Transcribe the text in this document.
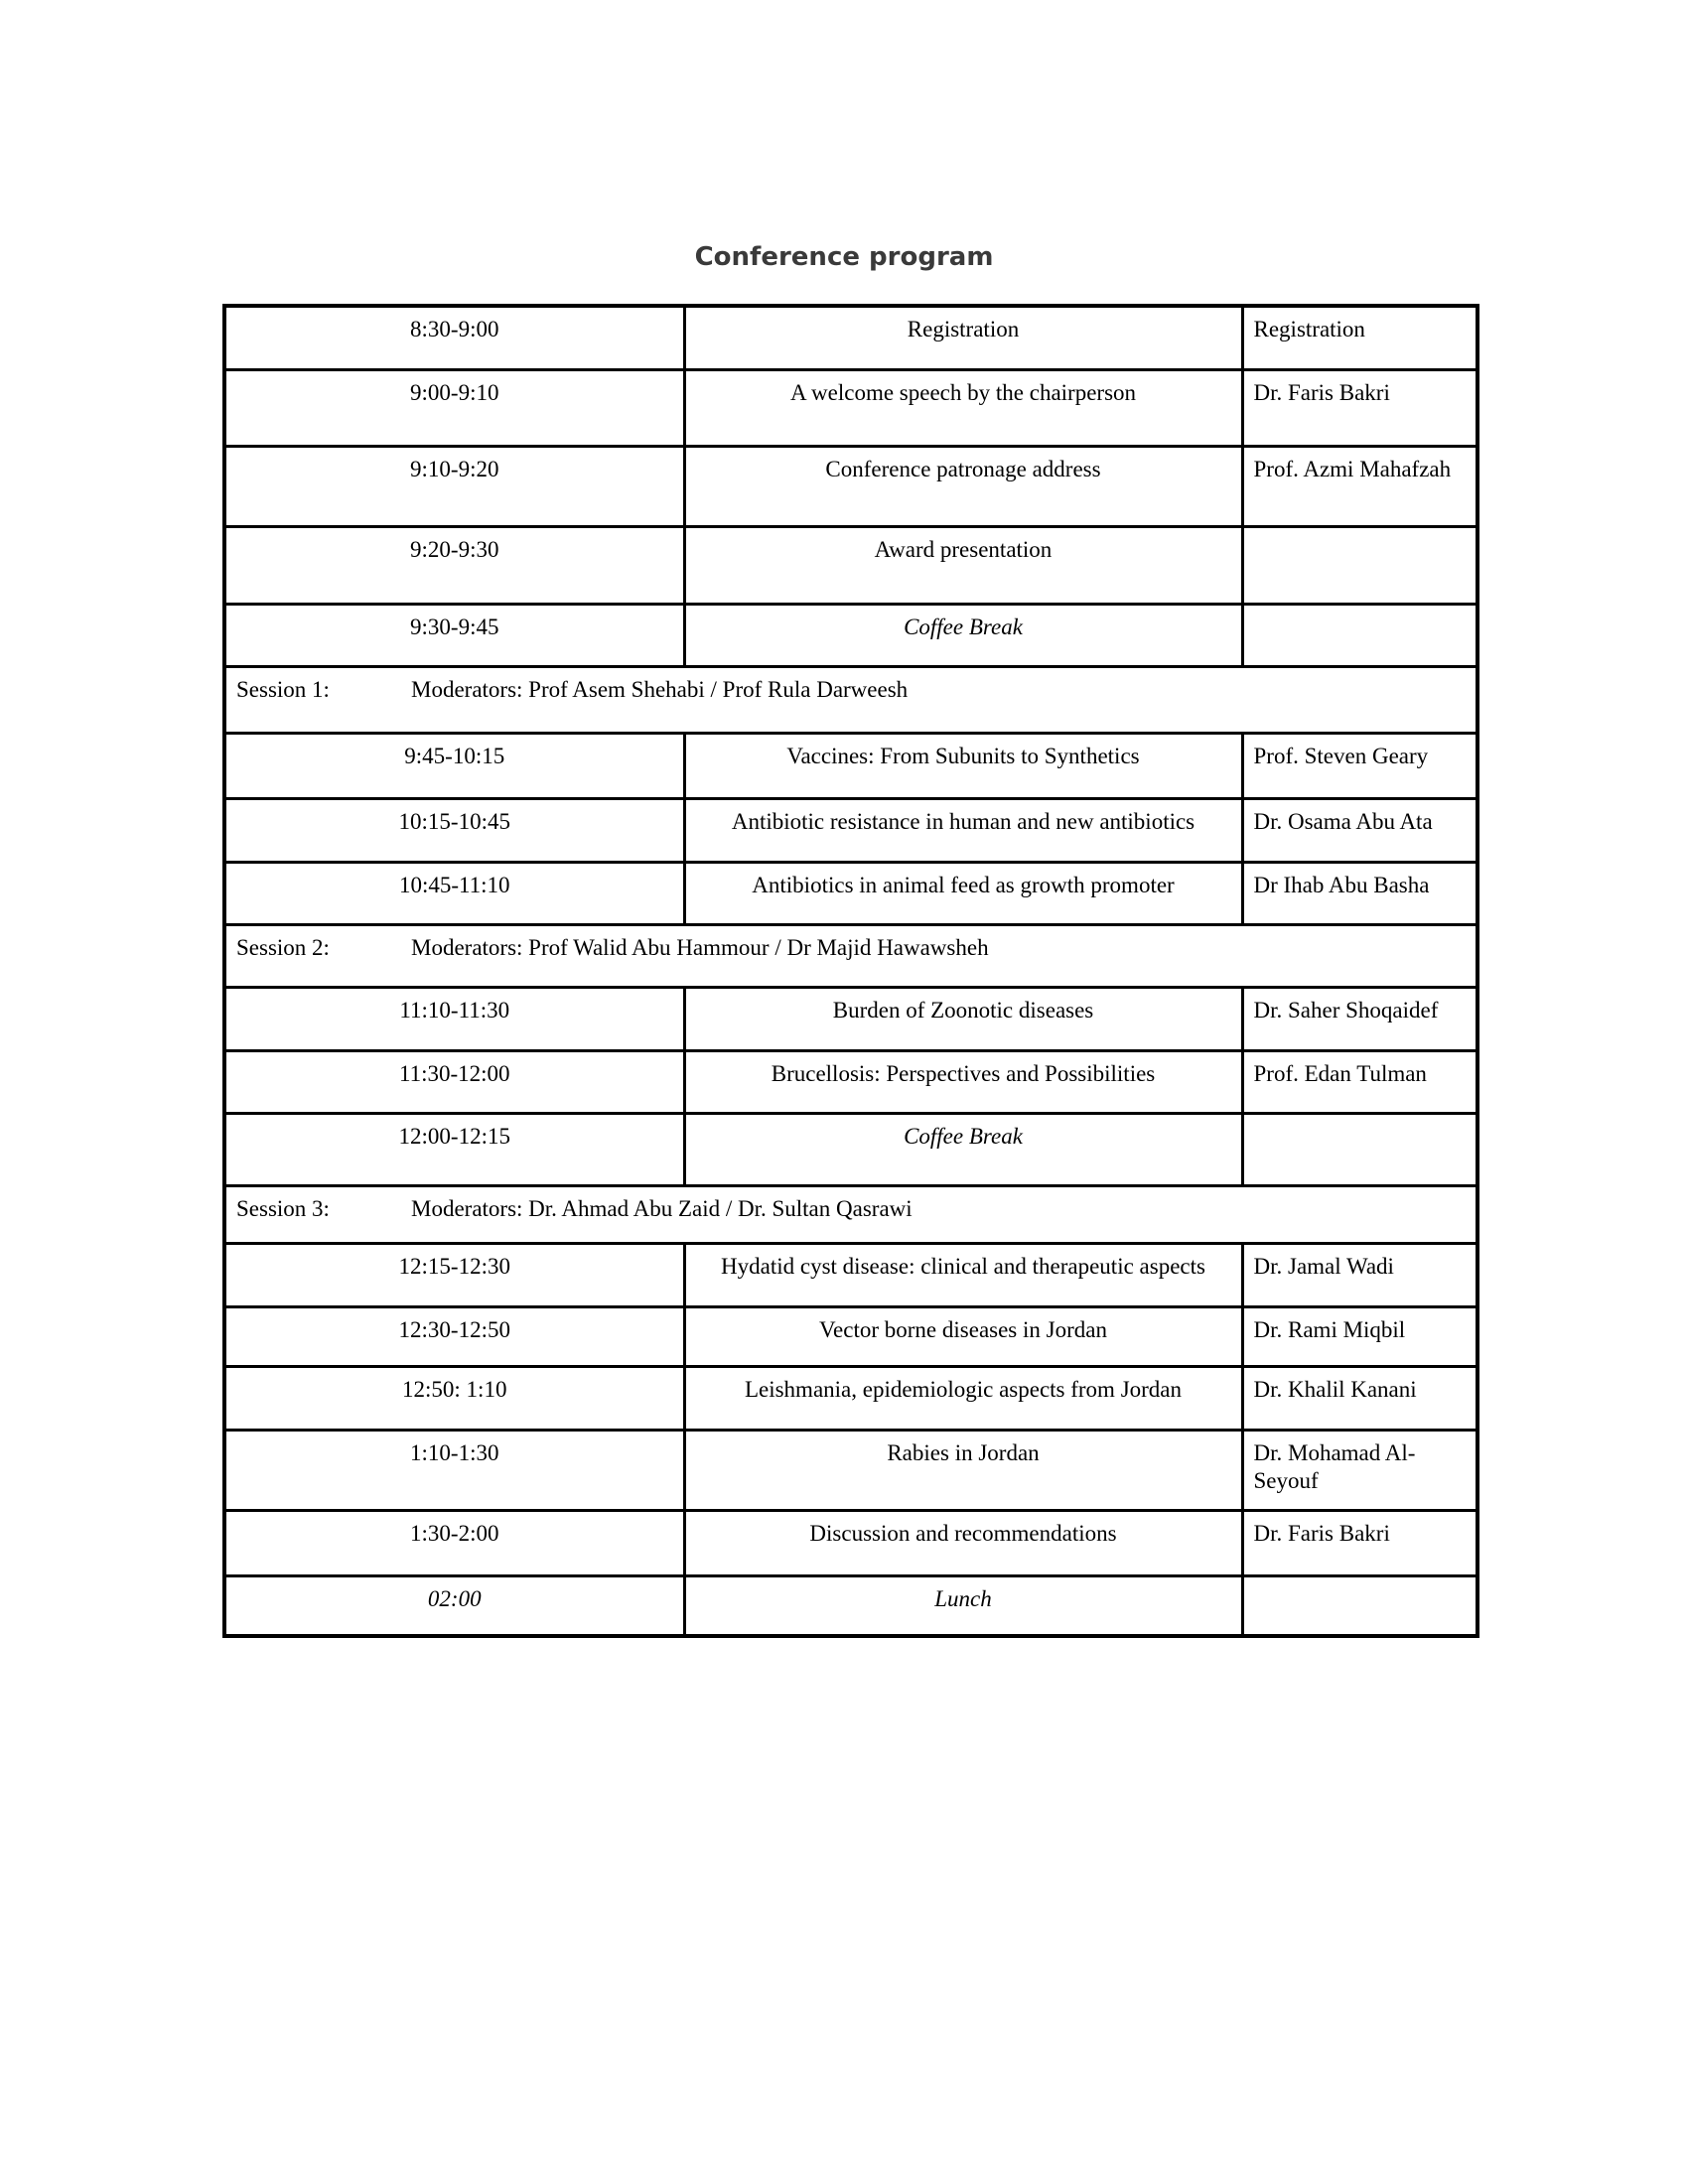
Conference program
8:30-9:00	Registration	Registration
9:00-9:10	A welcome speech by the chairperson	Dr. Faris Bakri
9:10-9:20	Conference patronage address	Prof. Azmi Mahafzah
9:20-9:30	Award presentation	
9:30-9:45	Coffee Break	
Session 1: Moderators: Prof Asem Shehabi / Prof Rula Darweesh		
9:45-10:15	Vaccines: From Subunits to Synthetics	Prof. Steven Geary
10:15-10:45	Antibiotic resistance in human and new antibiotics	Dr. Osama Abu Ata
10:45-11:10	Antibiotics in animal feed as growth promoter	Dr Ihab Abu Basha
Session 2: Moderators: Prof Walid Abu Hammour / Dr Majid Hawawsheh		
11:10-11:30	Burden of Zoonotic diseases	Dr. Saher Shoqaidef
11:30-12:00	Brucellosis: Perspectives and Possibilities	Prof. Edan Tulman
12:00-12:15	Coffee Break	
Session 3: Moderators: Dr. Ahmad Abu Zaid / Dr. Sultan Qasrawi		
12:15-12:30	Hydatid cyst disease: clinical and therapeutic aspects	Dr. Jamal Wadi
12:30-12:50	Vector borne diseases in Jordan	Dr. Rami Miqbil
12:50: 1:10	Leishmania, epidemiologic aspects from Jordan	Dr. Khalil Kanani
1:10-1:30	Rabies in Jordan	Dr. Mohamad Al-Seyouf
1:30-2:00	Discussion and recommendations	Dr. Faris Bakri
02:00	Lunch	
